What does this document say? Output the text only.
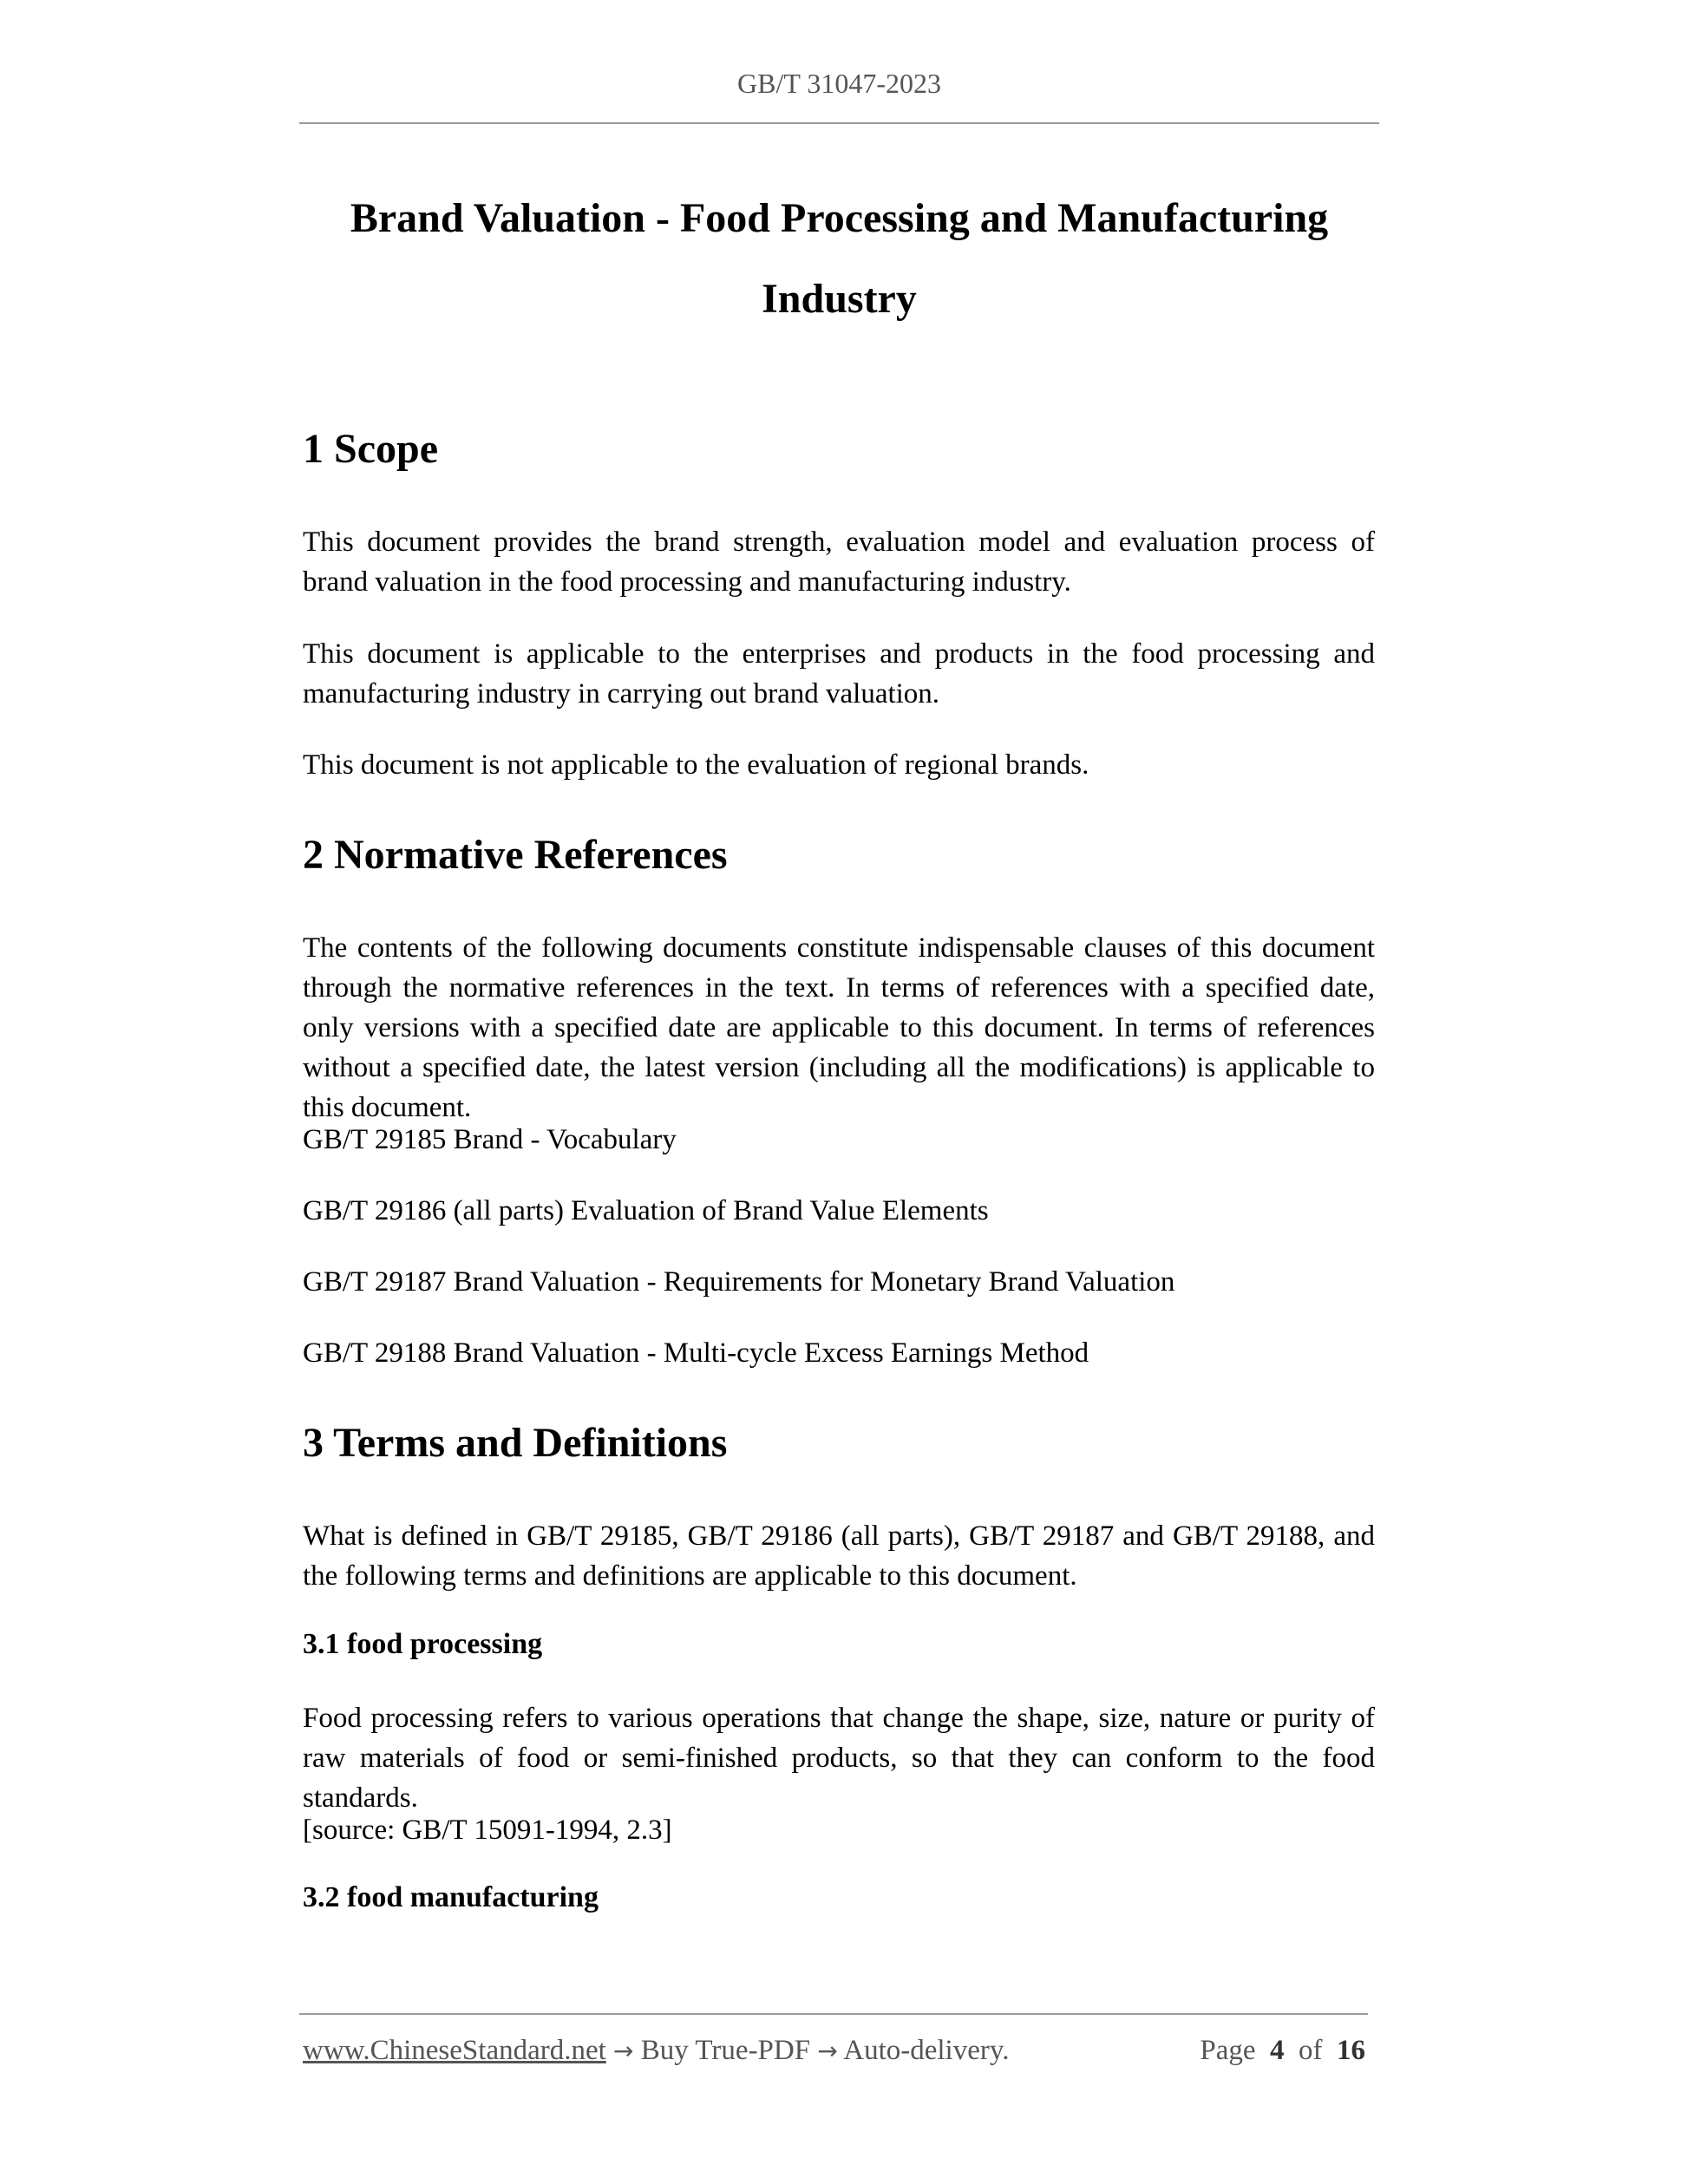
GB/T 31047-2023
Brand Valuation - Food Processing and Manufacturing
Industry
1 Scope

This document provides the brand strength, evaluation model and evaluation process of brand valuation in the food processing and manufacturing industry.

This document is applicable to the enterprises and products in the food processing and manufacturing industry in carrying out brand valuation.

This document is not applicable to the evaluation of regional brands.

2 Normative References

The contents of the following documents constitute indispensable clauses of this document through the normative references in the text. In terms of references with a specified date, only versions with a specified date are applicable to this document. In terms of references without a specified date, the latest version (including all the modifications) is applicable to this document.

GB/T 29185 Brand - Vocabulary

GB/T 29186 (all parts) Evaluation of Brand Value Elements

GB/T 29187 Brand Valuation - Requirements for Monetary Brand Valuation

GB/T 29188 Brand Valuation - Multi-cycle Excess Earnings Method

3 Terms and Definitions

What is defined in GB/T 29185, GB/T 29186 (all parts), GB/T 29187 and GB/T 29188, and the following terms and definitions are applicable to this document.

3.1 food processing

Food processing refers to various operations that change the shape, size, nature or purity of raw materials of food or semi-finished products, so that they can conform to the food standards.

[source: GB/T 15091-1994, 2.3]

3.2 food manufacturing
www.ChineseStandard.net → Buy True-PDF → Auto-delivery.	Page 4 of 16
